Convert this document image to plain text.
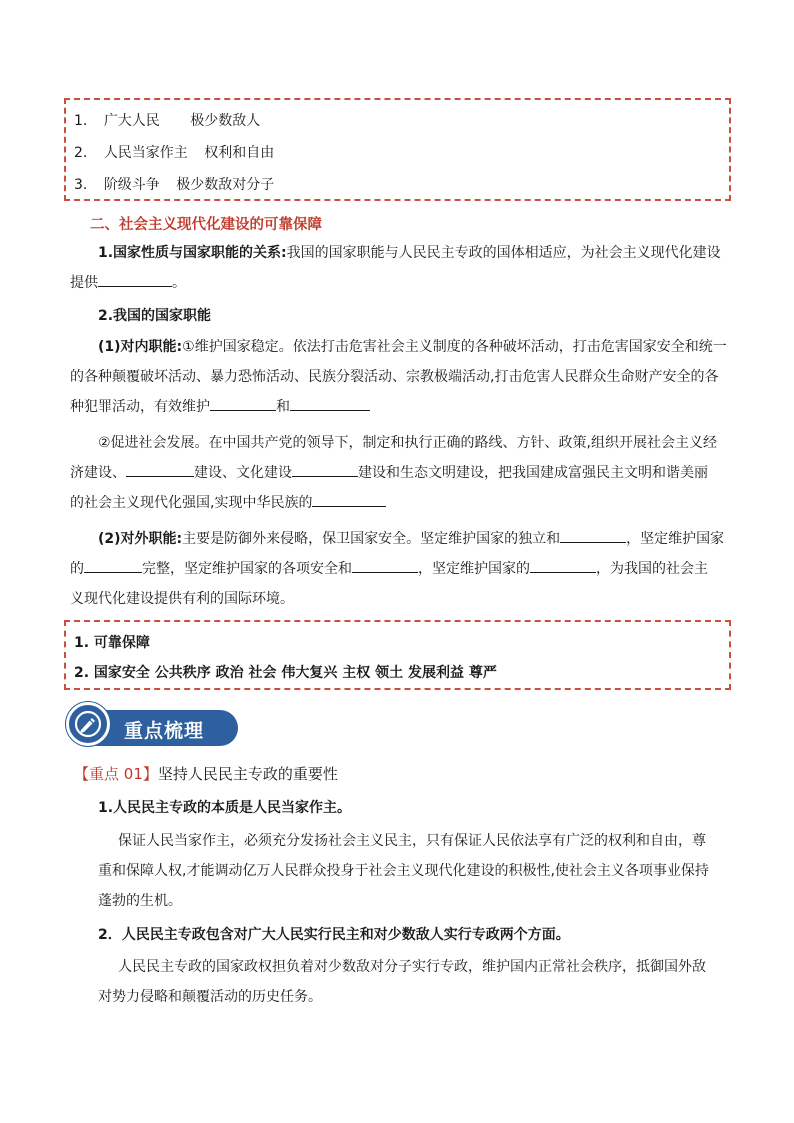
1. 广大人民 极少数敌人
2. 人民当家作主 权利和自由
3. 阶级斗争 极少数敌对分子
二、社会主义现代化建设的可靠保障
1.国家性质与国家职能的关系:我国的国家职能与人民民主专政的国体相适应，为社会主义现代化建设
提供	。
2.我国的国家职能
(1)对内职能:①维护国家稳定。依法打击危害社会主义制度的各种破坏活动，打击危害国家安全和统一
的各种颠覆破坏活动、暴力恐怖活动、民族分裂活动、宗教极端活动,打击危害人民群众生命财产安全的各
种犯罪活动，有效维护	和
②促进社会发展。在中国共产党的领导下，制定和执行正确的路线、方针、政策,组织开展社会主义经
济建设、	建设、文化建设	建设和生态文明建设，把我国建成富强民主文明和谐美丽
的社会主义现代化强国,实现中华民族的
(2)对外职能:主要是防御外来侵略，保卫国家安全。坚定维护国家的独立和	，坚定维护国家
的	完整，坚定维护国家的各项安全和	，坚定维护国家的	，为我国的社会主
义现代化建设提供有利的国际环境。
1. 可靠保障
2. 国家安全 公共秩序 政治 社会 伟大复兴 主权 领土 发展利益 尊严
重点梳理
【重点 01】坚持人民民主专政的重要性
1.人民民主专政的本质是人民当家作主。
保证人民当家作主，必须充分发扬社会主义民主，只有保证人民依法享有广泛的权利和自由，尊
重和保障人权,才能调动亿万人民群众投身于社会主义现代化建设的积极性,使社会主义各项事业保持
蓬勃的生机。
2．人民民主专政包含对广大人民实行民主和对少数敌人实行专政两个方面。
人民民主专政的国家政权担负着对少数敌对分子实行专政，维护国内正常社会秩序，抵御国外敌
对势力侵略和颠覆活动的历史任务。
